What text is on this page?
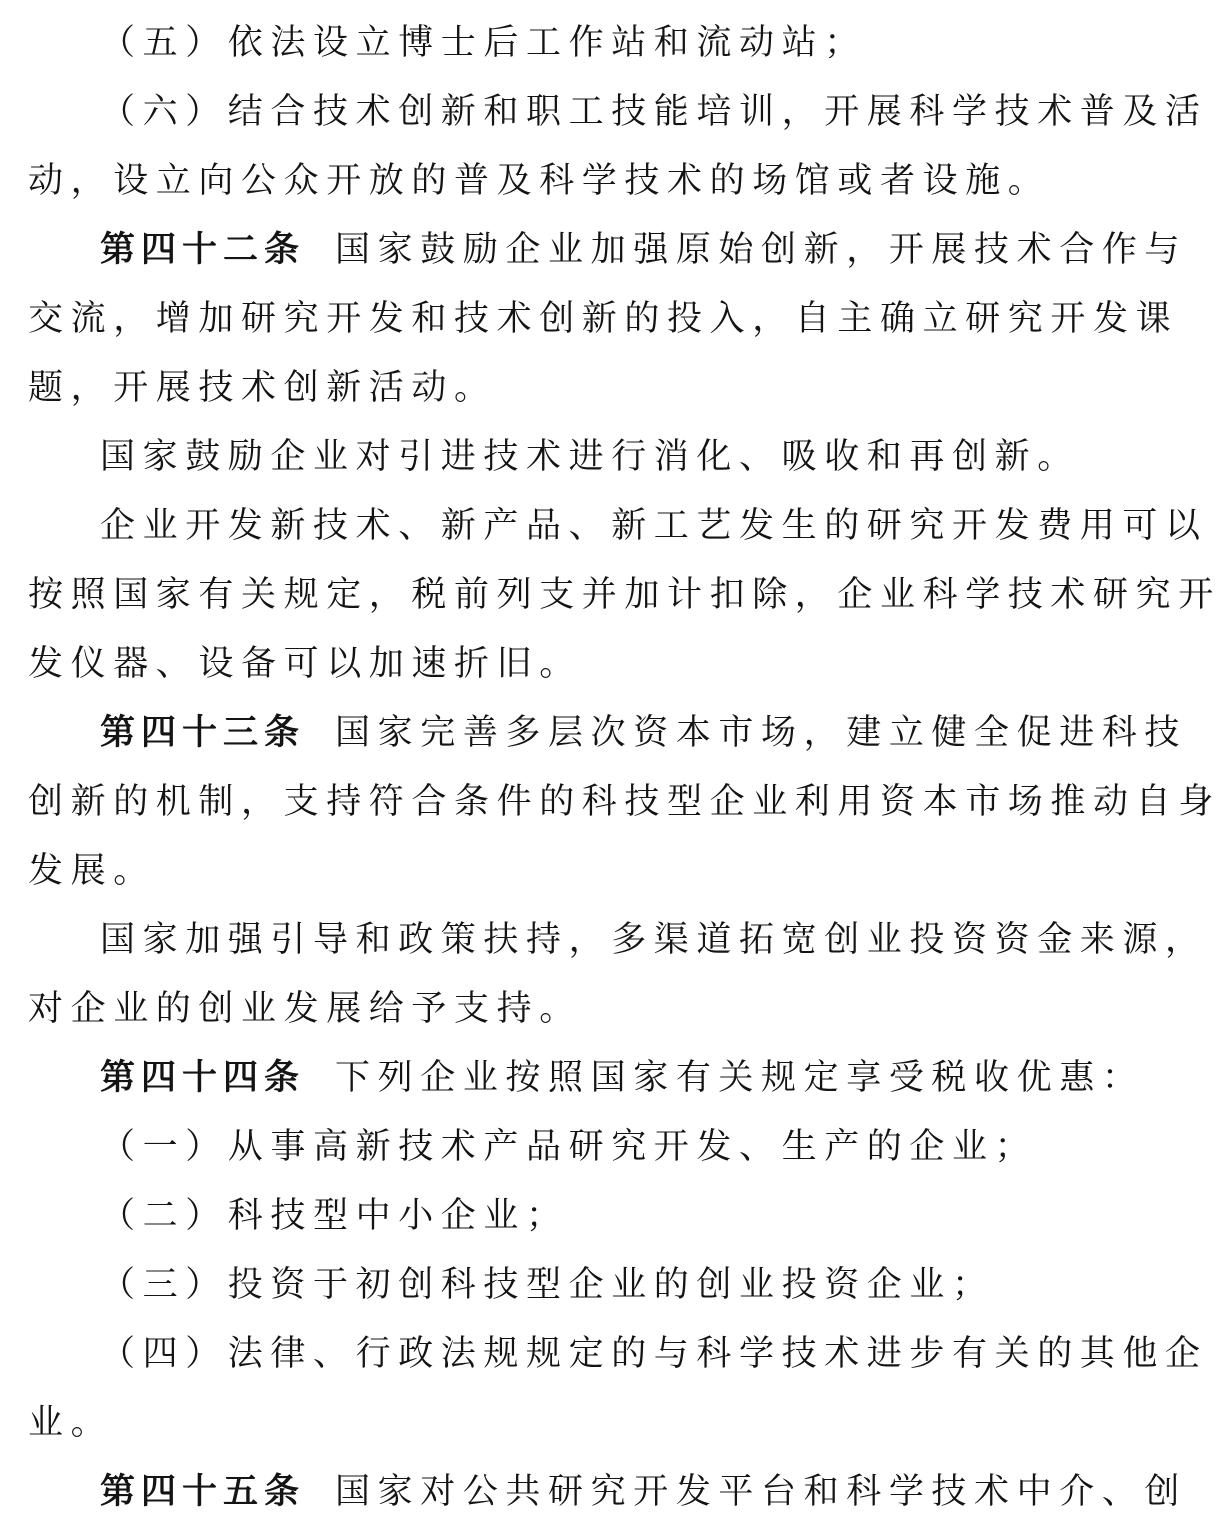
（五）依法设立博士后工作站和流动站；
（六）结合技术创新和职工技能培训，开展科学技术普及活
动，设立向公众开放的普及科学技术的场馆或者设施。
第四十二条 国家鼓励企业加强原始创新，开展技术合作与
交流，增加研究开发和技术创新的投入，自主确立研究开发课
题，开展技术创新活动。
国家鼓励企业对引进技术进行消化、吸收和再创新。
企业开发新技术、新产品、新工艺发生的研究开发费用可以
按照国家有关规定，税前列支并加计扣除，企业科学技术研究开
发仪器、设备可以加速折旧。
第四十三条 国家完善多层次资本市场，建立健全促进科技
创新的机制，支持符合条件的科技型企业利用资本市场推动自身
发展。
国家加强引导和政策扶持，多渠道拓宽创业投资资金来源，
对企业的创业发展给予支持。
第四十四条 下列企业按照国家有关规定享受税收优惠：
（一）从事高新技术产品研究开发、生产的企业；
（二）科技型中小企业；
（三）投资于初创科技型企业的创业投资企业；
（四）法律、行政法规规定的与科学技术进步有关的其他企
业。
第四十五条 国家对公共研究开发平台和科学技术中介、创
